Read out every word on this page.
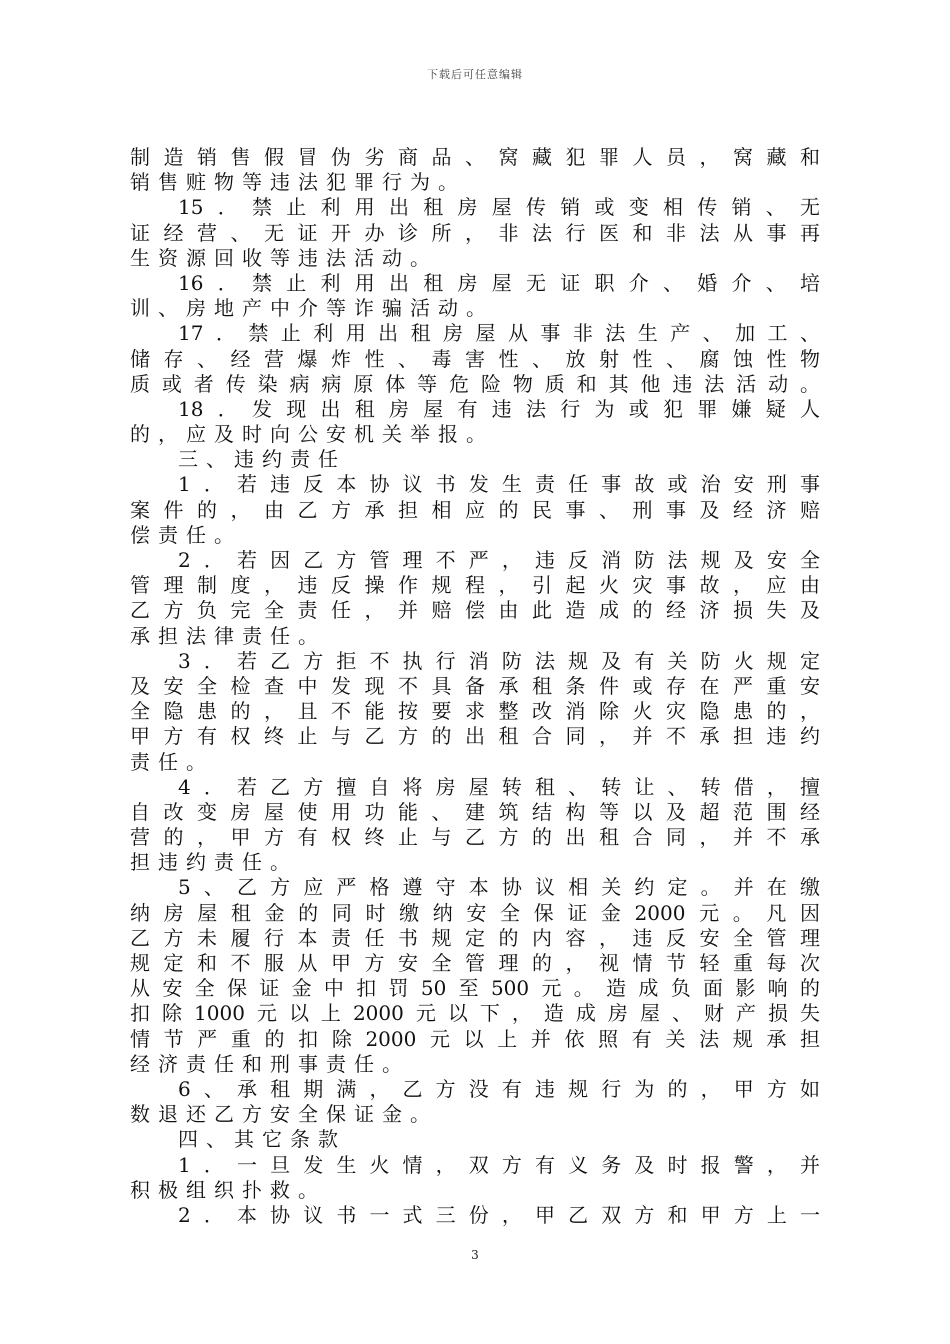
下载后可任意编辑
制造销售假冒伪劣商品、窝藏犯罪人员，窝藏和
销售赃物等违法犯罪行为。
15．禁止利用出租房屋传销或变相传销、无
证经营、无证开办诊所，非法行医和非法从事再
生资源回收等违法活动。
16．禁止利用出租房屋无证职介、婚介、培
训、房地产中介等诈骗活动。
17．禁止利用出租房屋从事非法生产、加工、
储存、经营爆炸性、毒害性、放射性、腐蚀性物
质或者传染病病原体等危险物质和其他违法活动。
18．发现出租房屋有违法行为或犯罪嫌疑人
的，应及时向公安机关举报。
三、违约责任
1．若违反本协议书发生责任事故或治安刑事
案件的，由乙方承担相应的民事、刑事及经济赔
偿责任。
2．若因乙方管理不严，违反消防法规及安全
管理制度，违反操作规程，引起火灾事故，应由
乙方负完全责任，并赔偿由此造成的经济损失及
承担法律责任。
3．若乙方拒不执行消防法规及有关防火规定
及安全检查中发现不具备承租条件或存在严重安
全隐患的，且不能按要求整改消除火灾隐患的，
甲方有权终止与乙方的出租合同，并不承担违约
责任。
4．若乙方擅自将房屋转租、转让、转借，擅
自改变房屋使用功能、建筑结构等以及超范围经
营的，甲方有权终止与乙方的出租合同，并不承
担违约责任。
5、乙方应严格遵守本协议相关约定。并在缴
纳房屋租金的同时缴纳安全保证金2000元。凡因
乙方未履行本责任书规定的内容，违反安全管理
规定和不服从甲方安全管理的，视情节轻重每次
从安全保证金中扣罚50至500元。造成负面影响的
扣除1000元以上2000元以下，造成房屋、财产损失
情节严重的扣除2000元以上并依照有关法规承担
经济责任和刑事责任。
6、承租期满，乙方没有违规行为的，甲方如
数退还乙方安全保证金。
四、其它条款
1．一旦发生火情，双方有义务及时报警，并
积极组织扑救。
2．本协议书一式三份，甲乙双方和甲方上一
3
